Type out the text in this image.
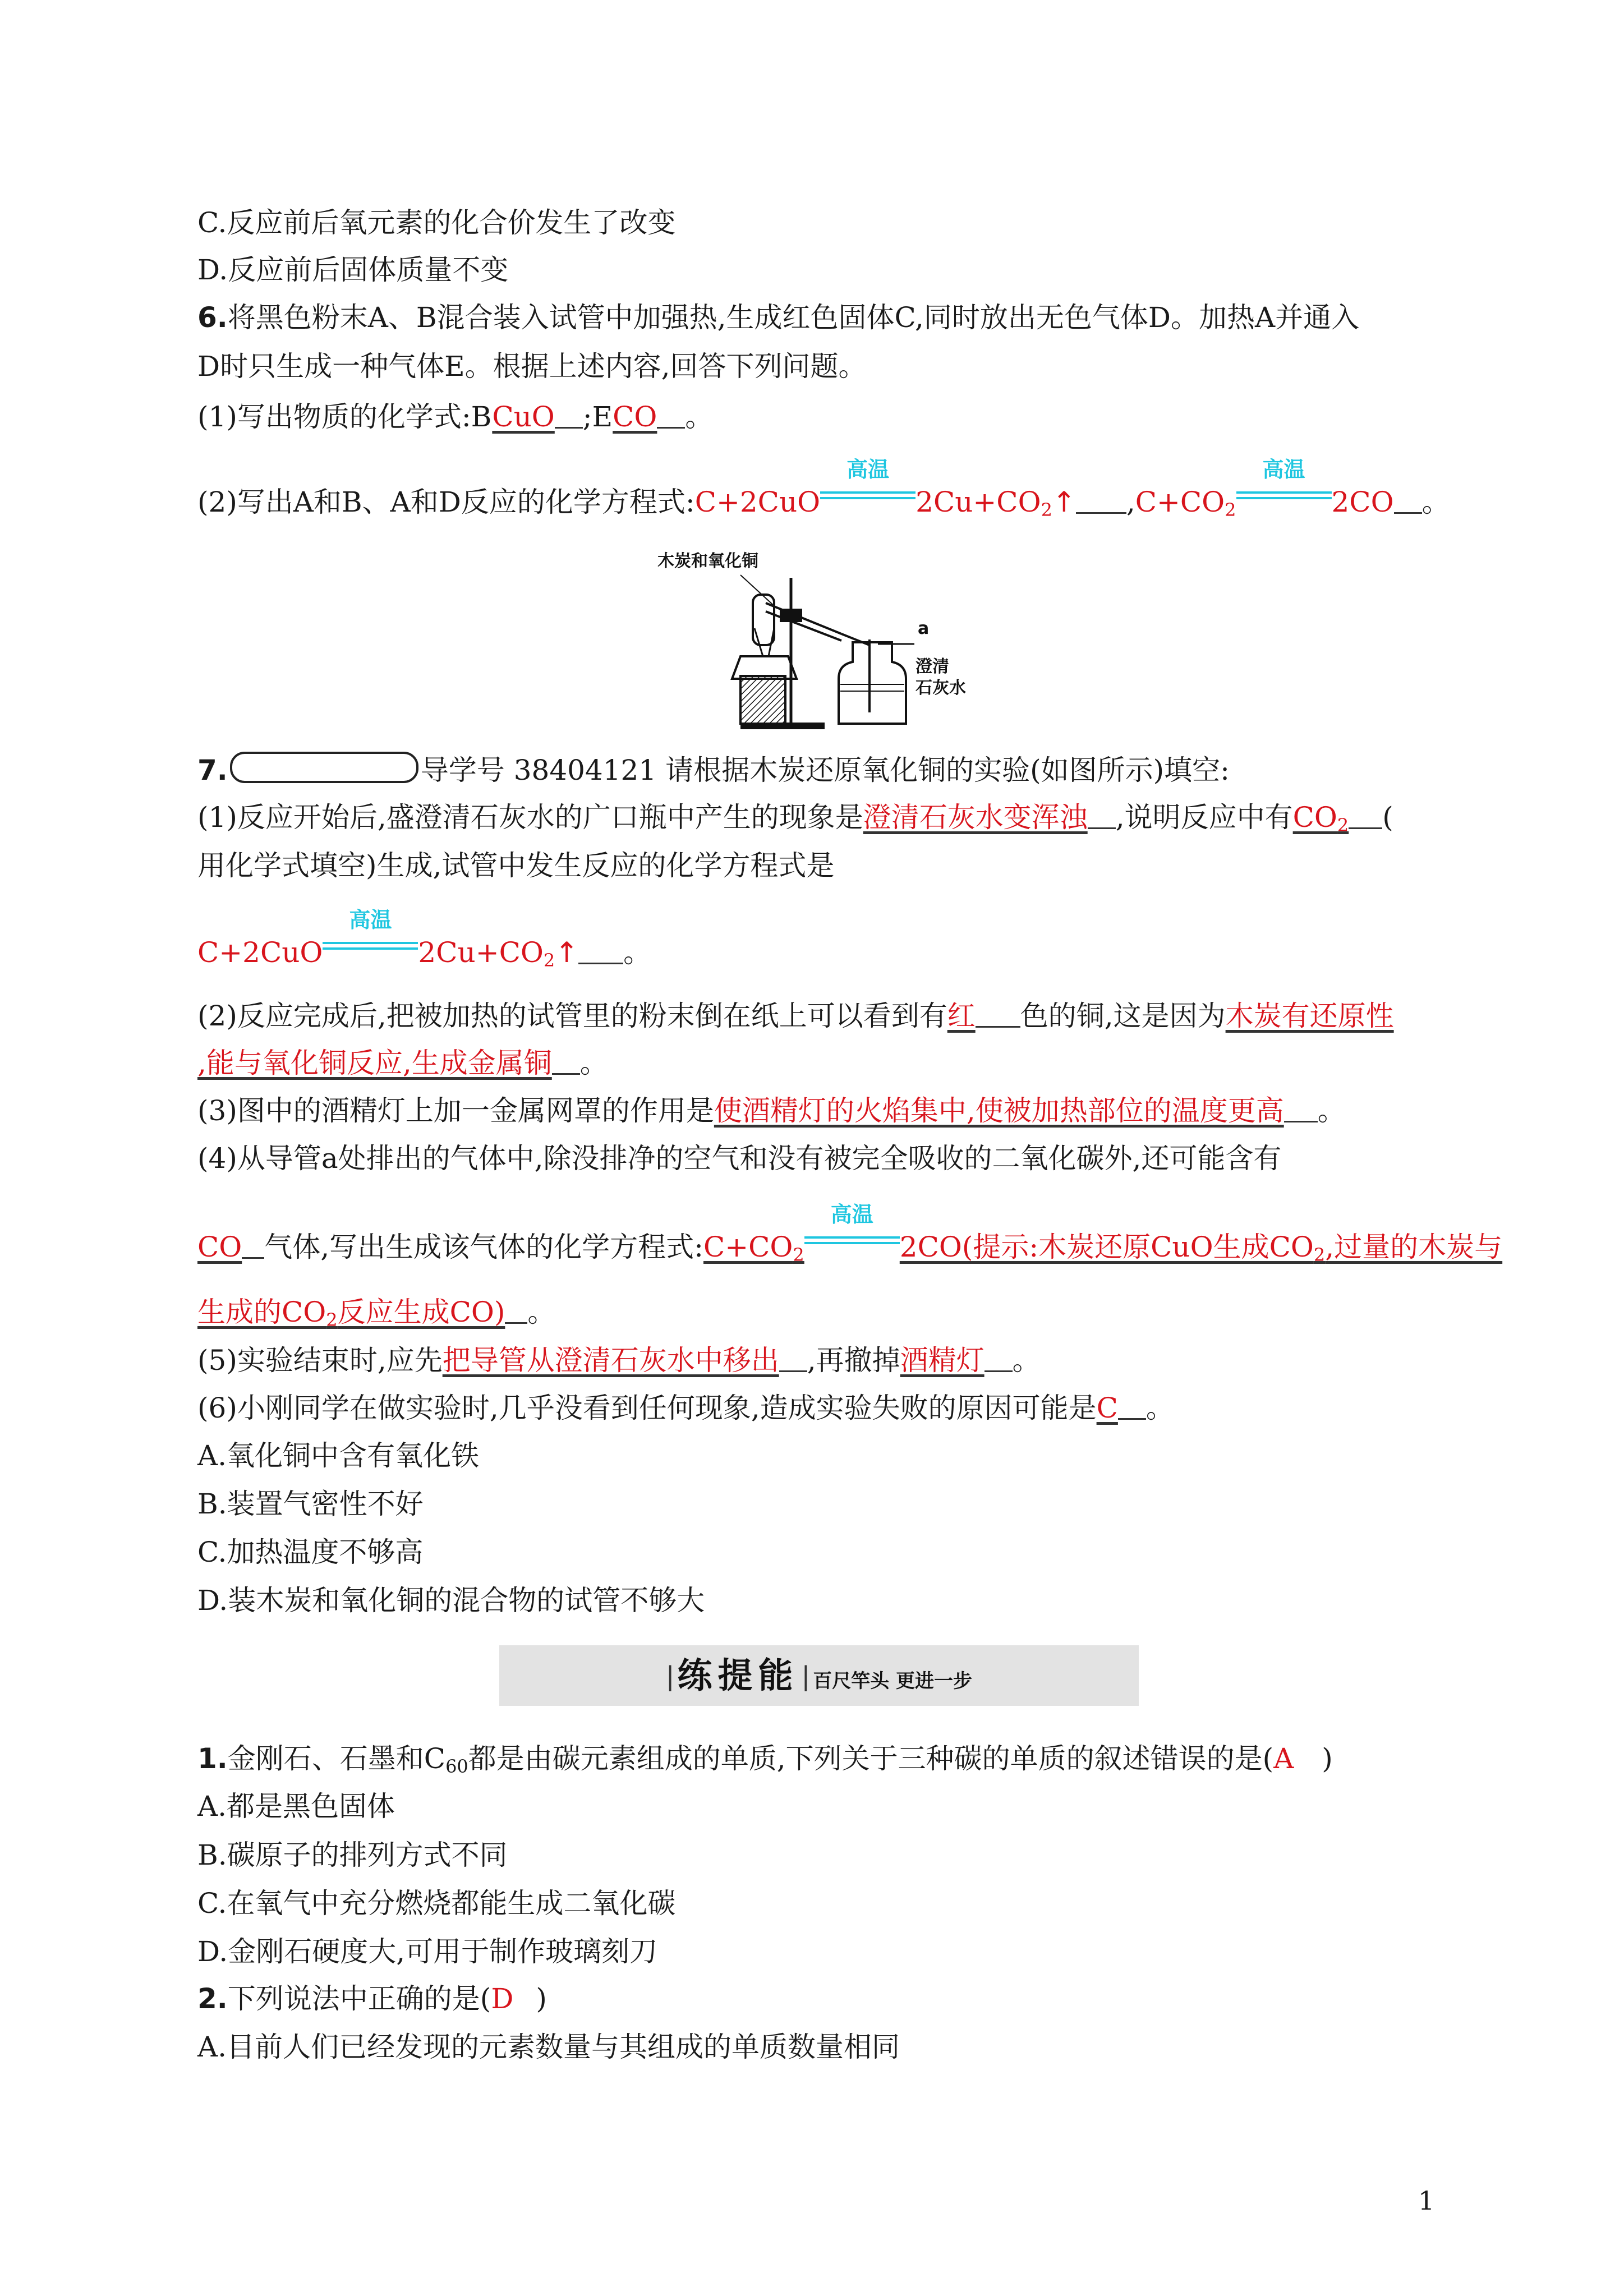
C.反应前后氧元素的化合价发生了改变
D.反应前后固体质量不变
6.将黑色粉末A、B混合装入试管中加强热,生成红色固体C,同时放出无色气体D。加热A并通入
D时只生成一种气体E。根据上述内容,回答下列问题。
(1)写出物质的化学式:BCuO ;ECO 。
(2)写出A和B、A和D反应的化学方程式:C+2CuO
高温
$2Cu+CO_2↑$ $,C+CO_2$
高温
2CO 。
木炭和氧化铜
a
澄清
石灰水
7.	导学号 38404121 请根据木炭还原氧化铜的实验(如图所示)填空:
(1)反应开始后,盛澄清石灰水的广口瓶中产生的现象是澄清石灰水变浑浊 ,说明反应中有$CO_2$ (
用化学式填空)生成,试管中发生反应的化学方程式是
C+2CuO
高温
$2Cu+CO_2↑$ 。
(2)反应完成后,把被加热的试管里的粉末倒在纸上可以看到有红 色的铜,这是因为木炭有还原性
,能与氧化铜反应,生成金属铜 。
(3)图中的酒精灯上加一金属网罩的作用是使酒精灯的火焰集中,使被加热部位的温度更高 。
(4)从导管a处排出的气体中,除没排净的空气和没有被完全吸收的二氧化碳外,还可能含有
CO 气体,写出生成该气体的化学方程式$:C+CO_2$
高温
2CO(提示:木炭还原CuO生成$CO_2$,过量的木炭与
生成的$CO_2$反应生成CO) 。
(5)实验结束时,应先把导管从澄清石灰水中移出 ,再撤掉酒精灯 。
(6)小刚同学在做实验时,几乎没看到任何现象,造成实验失败的原因可能是C 。
A.氧化铜中含有氧化铁
B.装置气密性不好
C.加热温度不够高
D.装木炭和氧化铜的混合物的试管不够大
| 练提能 | 百尺竿头 更进一步
1.金刚石、石墨和$C_{60}$都是由碳元素组成的单质,下列关于三种碳的单质的叙述错误的是(A )
A.都是黑色固体
B.碳原子的排列方式不同
C.在氧气中充分燃烧都能生成二氧化碳
D.金刚石硬度大,可用于制作玻璃刻刀
2.下列说法中正确的是(D )
A.目前人们已经发现的元素数量与其组成的单质数量相同
1
